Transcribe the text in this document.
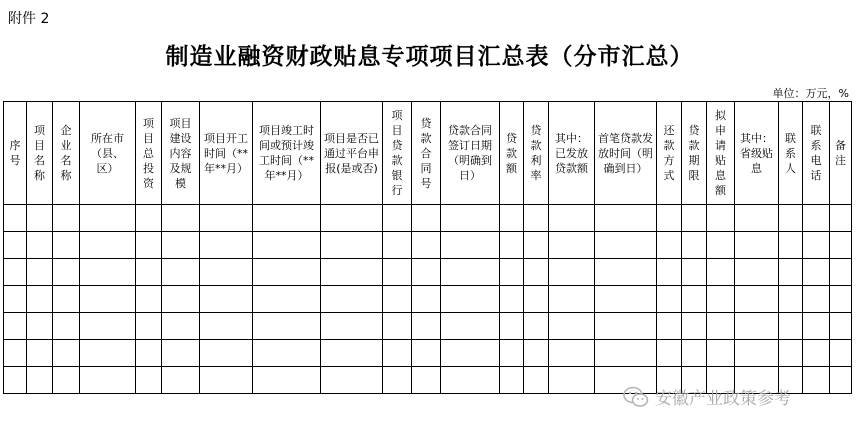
附件 2
制造业融资财政贴息专项项目汇总表（分市汇总）
单位：万元，%
序号	项目名称	企业名称	所在市（县、区）	项目总投资	项目建设内容及规模	项目开工时间（**年**月）	项目竣工时间或预计竣工时间（**年**月）	项目是否已通过平台申报(是或否)	项目贷款银行	贷款合同号	贷款合同签订日期（明确到日）	贷款额	贷款利率	其中：已发放贷款额	首笔贷款发放时间（明确到日）	还款方式	贷款期限	拟申请贴息额	其中：省级贴息	联系人	联系电话	备注

安徽产业政策参考
